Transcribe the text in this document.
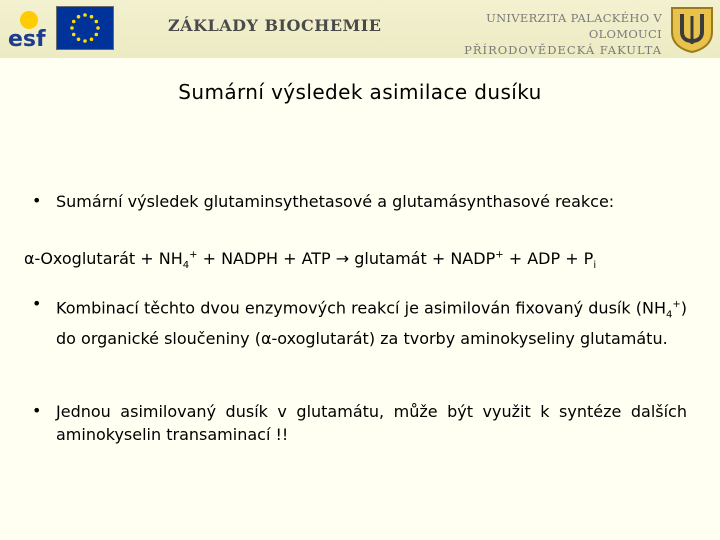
esf
ZÁKLADY BIOCHEMIE	UNIVERZITA PALACKÉHO V OLOMOUCI
PŘÍRODOVĚDECKÁ FAKULTA
Sumární výsledek asimilace dusíku
• Sumární výsledek glutaminsythetasové a glutamásynthasové reakce:
α-Oxoglutarát + $NH_4^+$ + NADPH + ATP → glutamát + NADP+ + ADP + $P_i$
• Kombinací těchto dvou enzymových reakcí je asimilován fixovaný dusík $(NH_4^+)$ do organické sloučeniny (α-oxoglutarát) za tvorby aminokyseliny glutamátu.
• Jednou asimilovaný dusík v glutamátu, může být využit k syntéze dalších aminokyselin transaminací !!
